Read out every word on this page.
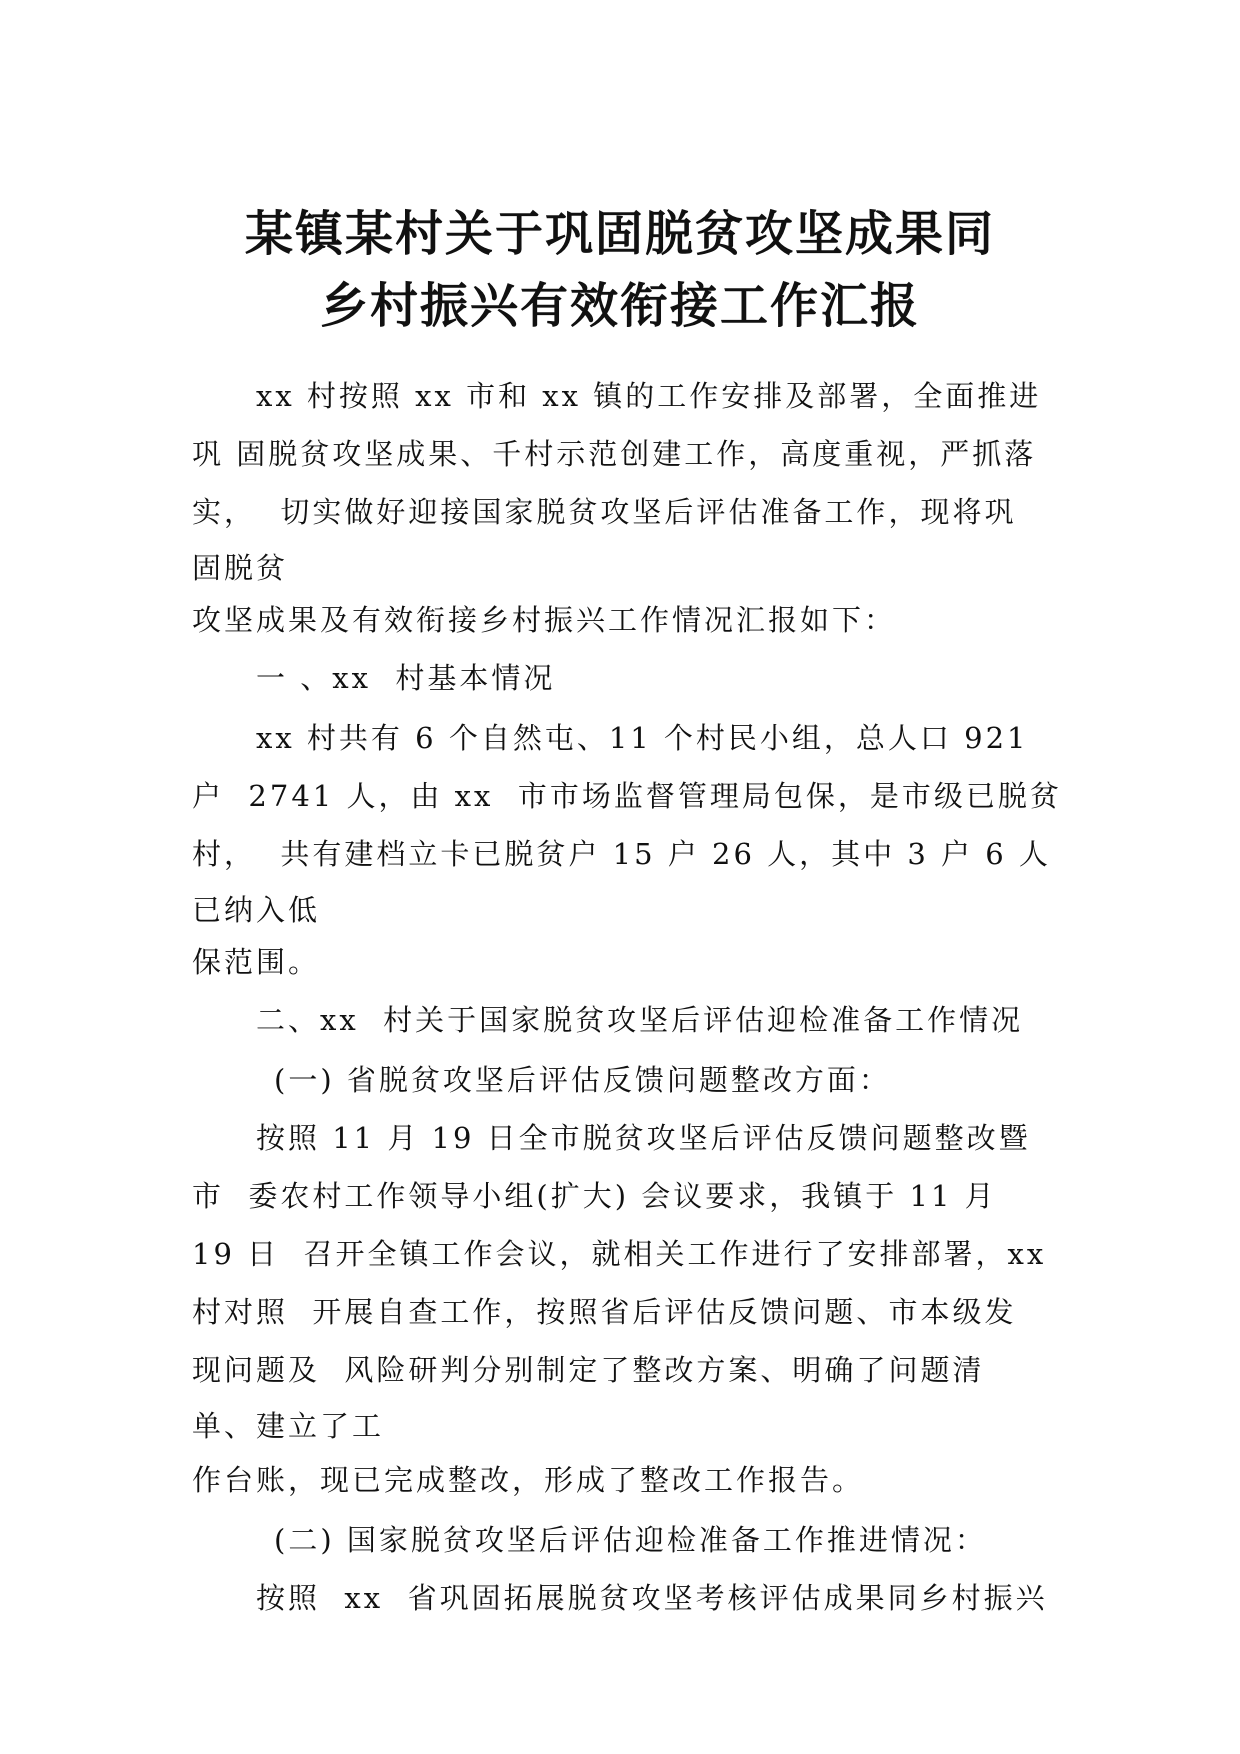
某镇某村关于巩固脱贫攻坚成果同
乡村振兴有效衔接工作汇报
xx 村按照 xx 市和 xx 镇的工作安排及部署，全面推进
巩 固脱贫攻坚成果、千村示范创建工作，高度重视，严抓落
实，  切实做好迎接国家脱贫攻坚后评估准备工作，现将巩
固脱贫
攻坚成果及有效衔接乡村振兴工作情况汇报如下：
一 、xx  村基本情况
xx 村共有 6 个自然屯、11 个村民小组，总人口 921
户  2741 人，由 xx  市市场监督管理局包保，是市级已脱贫
村，  共有建档立卡已脱贫户 15 户 26 人，其中 3 户 6 人
已纳入低
保范围。
二、xx  村关于国家脱贫攻坚后评估迎检准备工作情况
(一) 省脱贫攻坚后评估反馈问题整改方面：
按照 11 月 19 日全市脱贫攻坚后评估反馈问题整改暨
市  委农村工作领导小组(扩大) 会议要求，我镇于 11 月
19 日  召开全镇工作会议，就相关工作进行了安排部署，xx
村对照  开展自查工作，按照省后评估反馈问题、市本级发
现问题及  风险研判分别制定了整改方案、明确了问题清
单、建立了工
作台账，现已完成整改，形成了整改工作报告。
(二) 国家脱贫攻坚后评估迎检准备工作推进情况：
按照  xx  省巩固拓展脱贫攻坚考核评估成果同乡村振兴
